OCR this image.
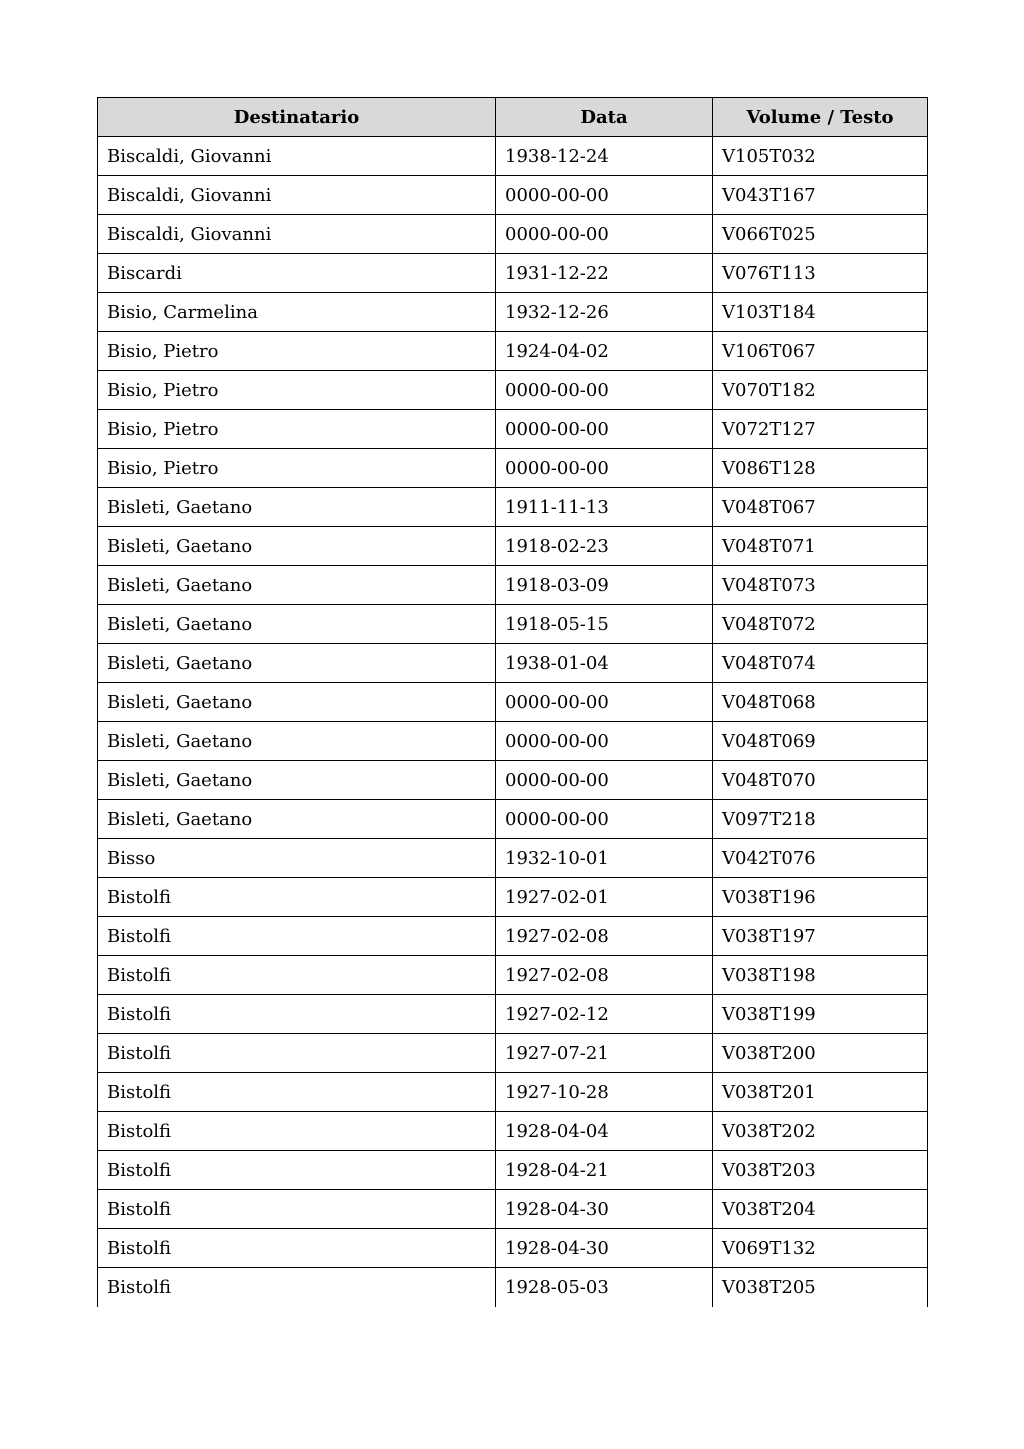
Destinatario	Data	Volume / Testo
Biscaldi, Giovanni	1938-12-24	V105T032
Biscaldi, Giovanni	0000-00-00	V043T167
Biscaldi, Giovanni	0000-00-00	V066T025
Biscardi	1931-12-22	V076T113
Bisio, Carmelina	1932-12-26	V103T184
Bisio, Pietro	1924-04-02	V106T067
Bisio, Pietro	0000-00-00	V070T182
Bisio, Pietro	0000-00-00	V072T127
Bisio, Pietro	0000-00-00	V086T128
Bisleti, Gaetano	1911-11-13	V048T067
Bisleti, Gaetano	1918-02-23	V048T071
Bisleti, Gaetano	1918-03-09	V048T073
Bisleti, Gaetano	1918-05-15	V048T072
Bisleti, Gaetano	1938-01-04	V048T074
Bisleti, Gaetano	0000-00-00	V048T068
Bisleti, Gaetano	0000-00-00	V048T069
Bisleti, Gaetano	0000-00-00	V048T070
Bisleti, Gaetano	0000-00-00	V097T218
Bisso	1932-10-01	V042T076
Bistolfi	1927-02-01	V038T196
Bistolfi	1927-02-08	V038T197
Bistolfi	1927-02-08	V038T198
Bistolfi	1927-02-12	V038T199
Bistolfi	1927-07-21	V038T200
Bistolfi	1927-10-28	V038T201
Bistolfi	1928-04-04	V038T202
Bistolfi	1928-04-21	V038T203
Bistolfi	1928-04-30	V038T204
Bistolfi	1928-04-30	V069T132
Bistolfi	1928-05-03	V038T205
